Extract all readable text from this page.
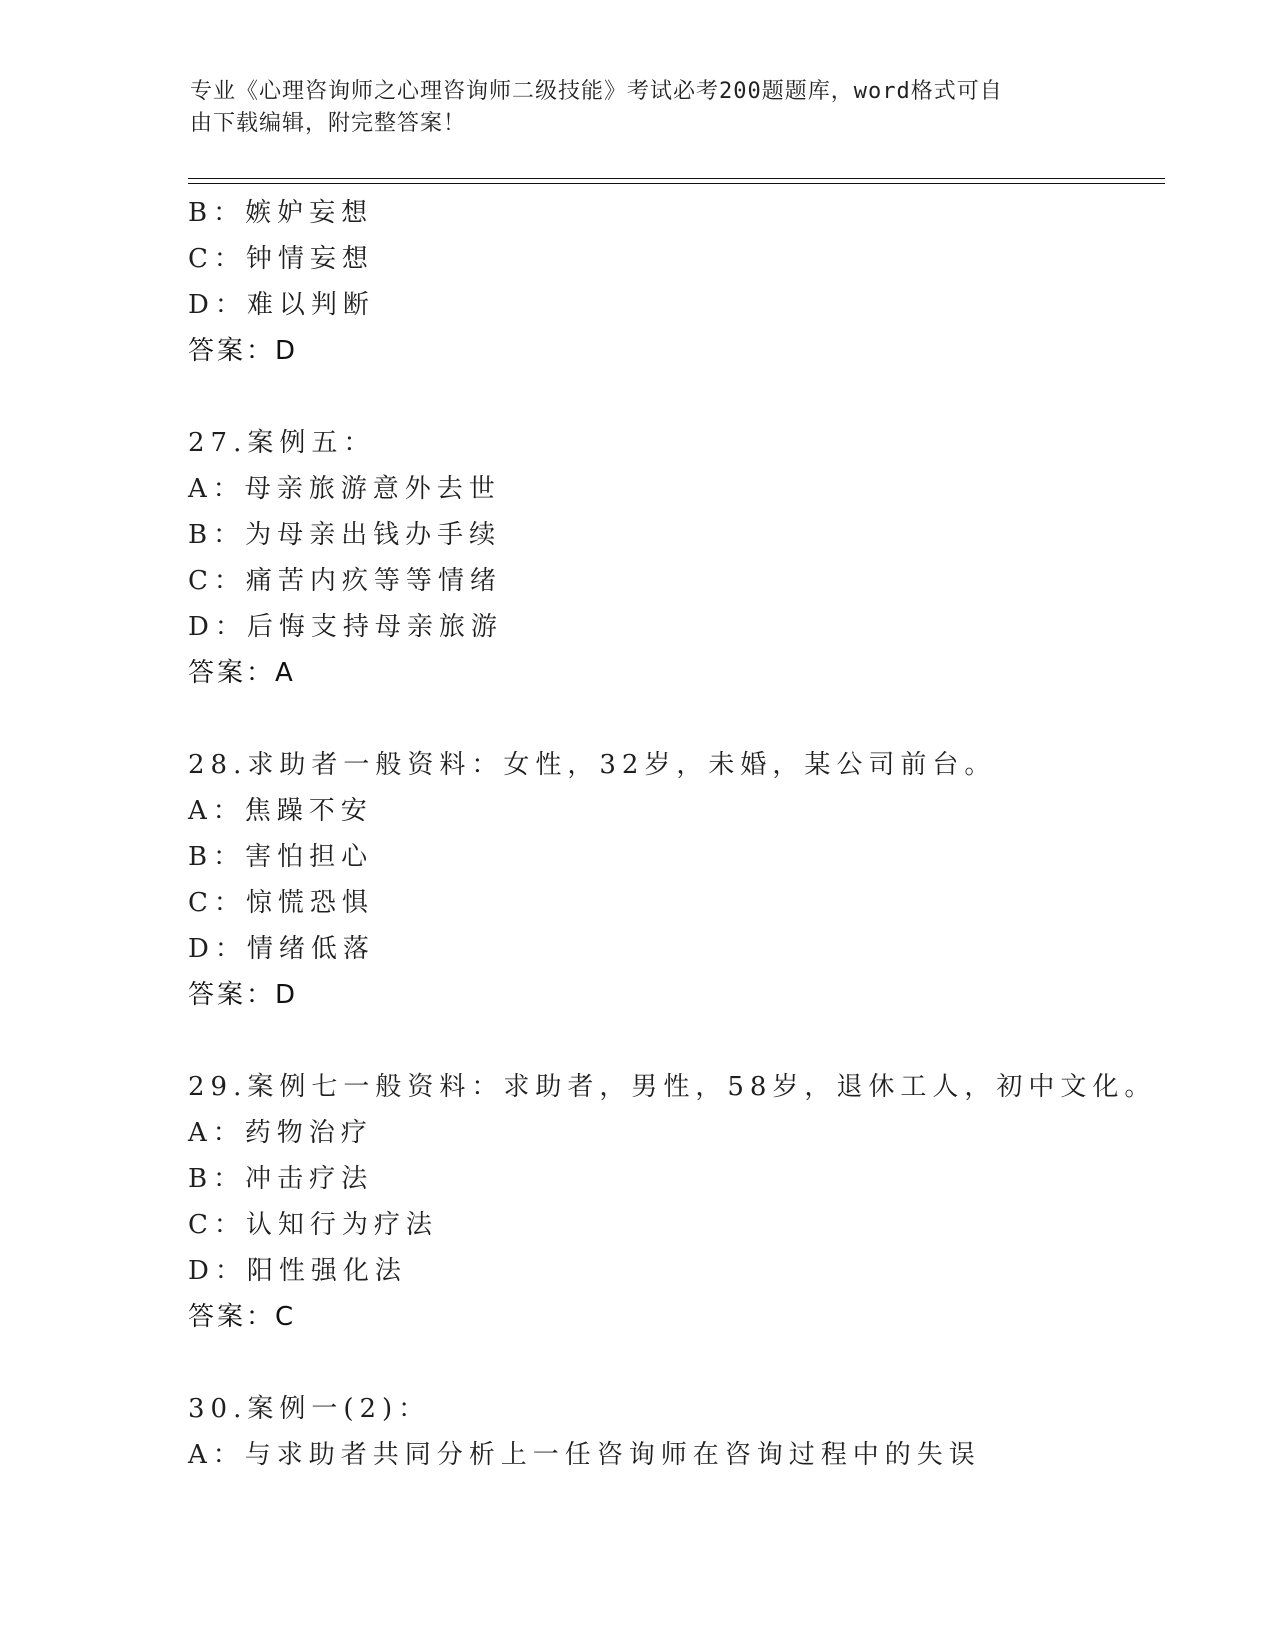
专业《心理咨询师之心理咨询师二级技能》考试必考200题题库，word格式可自
由下载编辑，附完整答案！
B：嫉妒妄想
C：钟情妄想
D：难以判断
答案：D
27.案例五：
A：母亲旅游意外去世
B：为母亲出钱办手续
C：痛苦内疚等等情绪
D：后悔支持母亲旅游
答案：A
28.求助者一般资料：女性，32岁，未婚，某公司前台。
A：焦躁不安
B：害怕担心
C：惊慌恐惧
D：情绪低落
答案：D
29.案例七一般资料：求助者，男性，58岁，退休工人，初中文化。
A：药物治疗
B：冲击疗法
C：认知行为疗法
D：阳性强化法
答案：C
30.案例一(2)：
A：与求助者共同分析上一任咨询师在咨询过程中的失误
